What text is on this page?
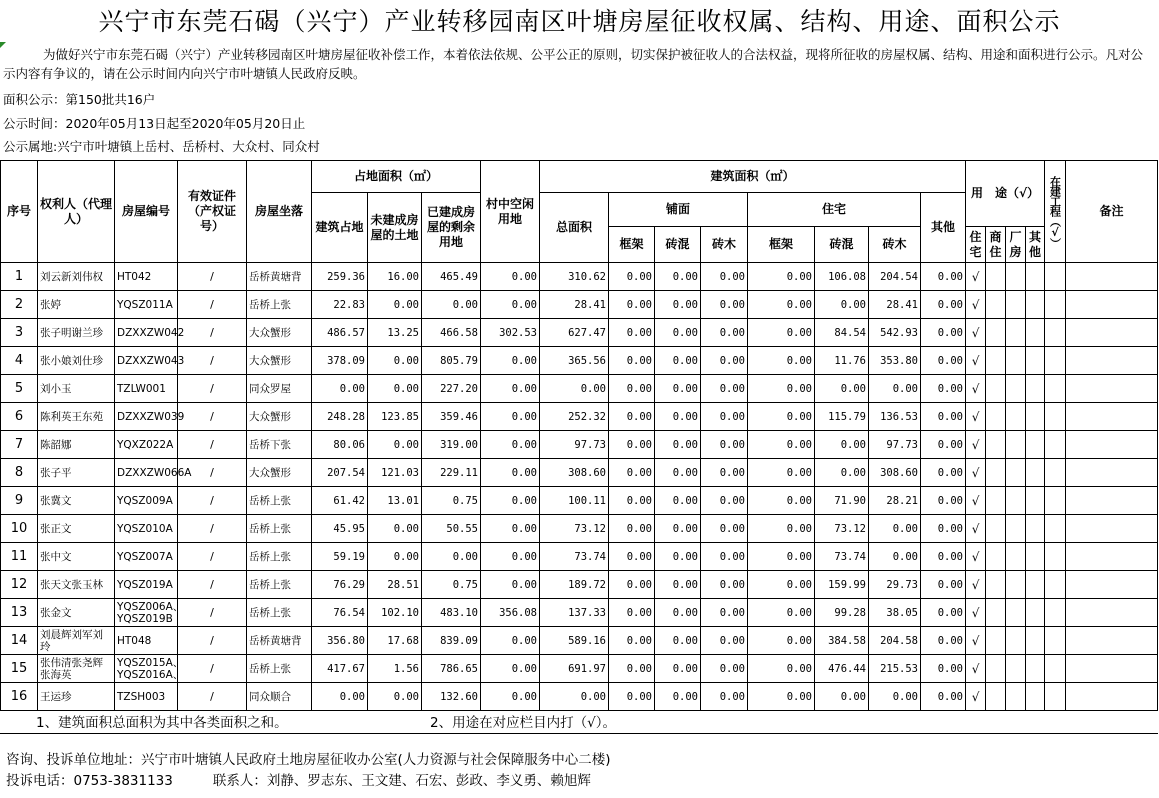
兴宁市东莞石碣（兴宁）产业转移园南区叶塘房屋征收权属、结构、用途、面积公示
为做好兴宁市东莞石碣（兴宁）产业转移园南区叶塘房屋征收补偿工作，本着依法依规、公平公正的原则，切实保护被征收人的合法权益，现将所征收的房屋权属、结构、用途和面积进行公示。凡对公示内容有争议的，请在公示时间内向兴宁市叶塘镇人民政府反映。
面积公示：第150批共16户
公示时间：2020年05月13日起至2020年05月20日止
公示属地:兴宁市叶塘镇上岳村、岳桥村、大众村、同众村
序号	权利人（代理人）	房屋编号	有效证件（产权证号）	房屋坐落	占地面积（㎡）			村中空闲用地	建筑面积（㎡）								用　途（√）				在建工程（√）	备注
					建筑占地	未建成房屋的土地	已建成房屋的剩余用地		总面积	铺面			住宅			其他						
										框架	砖混	砖木	框架	砖混	砖木		住宅	商住	厂房	其他		
1	刘云新刘伟权	HT042	/	岳桥黄塘背	259.36	16.00	465.49	0.00	310.62	0.00	0.00	0.00	0.00	106.08	204.54	0.00	√					
2	张婷	YQSZ011A	/	岳桥上张	22.83	0.00	0.00	0.00	28.41	0.00	0.00	0.00	0.00	0.00	28.41	0.00	√					
3	张子明谢兰珍	DZXXZW042	/	大众蟹形	486.57	13.25	466.58	302.53	627.47	0.00	0.00	0.00	0.00	84.54	542.93	0.00	√					
4	张小娘刘仕珍	DZXXZW043	/	大众蟹形	378.09	0.00	805.79	0.00	365.56	0.00	0.00	0.00	0.00	11.76	353.80	0.00	√					
5	刘小玉	TZLW001	/	同众罗屋	0.00	0.00	227.20	0.00	0.00	0.00	0.00	0.00	0.00	0.00	0.00	0.00	√					
6	陈利英王东苑	DZXXZW039	/	大众蟹形	248.28	123.85	359.46	0.00	252.32	0.00	0.00	0.00	0.00	115.79	136.53	0.00	√					
7	陈韶娜	YQXZ022A	/	岳桥下张	80.06	0.00	319.00	0.00	97.73	0.00	0.00	0.00	0.00	0.00	97.73	0.00	√					
8	张子平	DZXXZW066A	/	大众蟹形	207.54	121.03	229.11	0.00	308.60	0.00	0.00	0.00	0.00	0.00	308.60	0.00	√					
9	张冀文	YQSZ009A	/	岳桥上张	61.42	13.01	0.75	0.00	100.11	0.00	0.00	0.00	0.00	71.90	28.21	0.00	√					
10	张正文	YQSZ010A	/	岳桥上张	45.95	0.00	50.55	0.00	73.12	0.00	0.00	0.00	0.00	73.12	0.00	0.00	√					
11	张中文	YQSZ007A	/	岳桥上张	59.19	0.00	0.00	0.00	73.74	0.00	0.00	0.00	0.00	73.74	0.00	0.00	√					
12	张天文张玉林	YQSZ019A	/	岳桥上张	76.29	28.51	0.75	0.00	189.72	0.00	0.00	0.00	0.00	159.99	29.73	0.00	√					
13	张金文	YQSZ006A、YQSZ019B	/	岳桥上张	76.54	102.10	483.10	356.08	137.33	0.00	0.00	0.00	0.00	99.28	38.05	0.00	√					
14	刘晨辉刘军刘玲	HT048	/	岳桥黄塘背	356.80	17.68	839.09	0.00	589.16	0.00	0.00	0.00	0.00	384.58	204.58	0.00	√					
15	张伟清张尧辉张海英	YQSZ015A、YQSZ016A、	/	岳桥上张	417.67	1.56	786.65	0.00	691.97	0.00	0.00	0.00	0.00	476.44	215.53	0.00	√					
16	王运珍	TZSH003	/	同众顺合	0.00	0.00	132.60	0.00	0.00	0.00	0.00	0.00	0.00	0.00	0.00	0.00	√					
1、建筑面积总面积为其中各类面积之和。	2、用途在对应栏目内打（√）。
咨询、投诉单位地址：兴宁市叶塘镇人民政府土地房屋征收办公室(人力资源与社会保障服务中心二楼)
投诉电话：0753-3831133	联系人：刘静、罗志东、王文建、石宏、彭政、李义勇、赖旭辉
